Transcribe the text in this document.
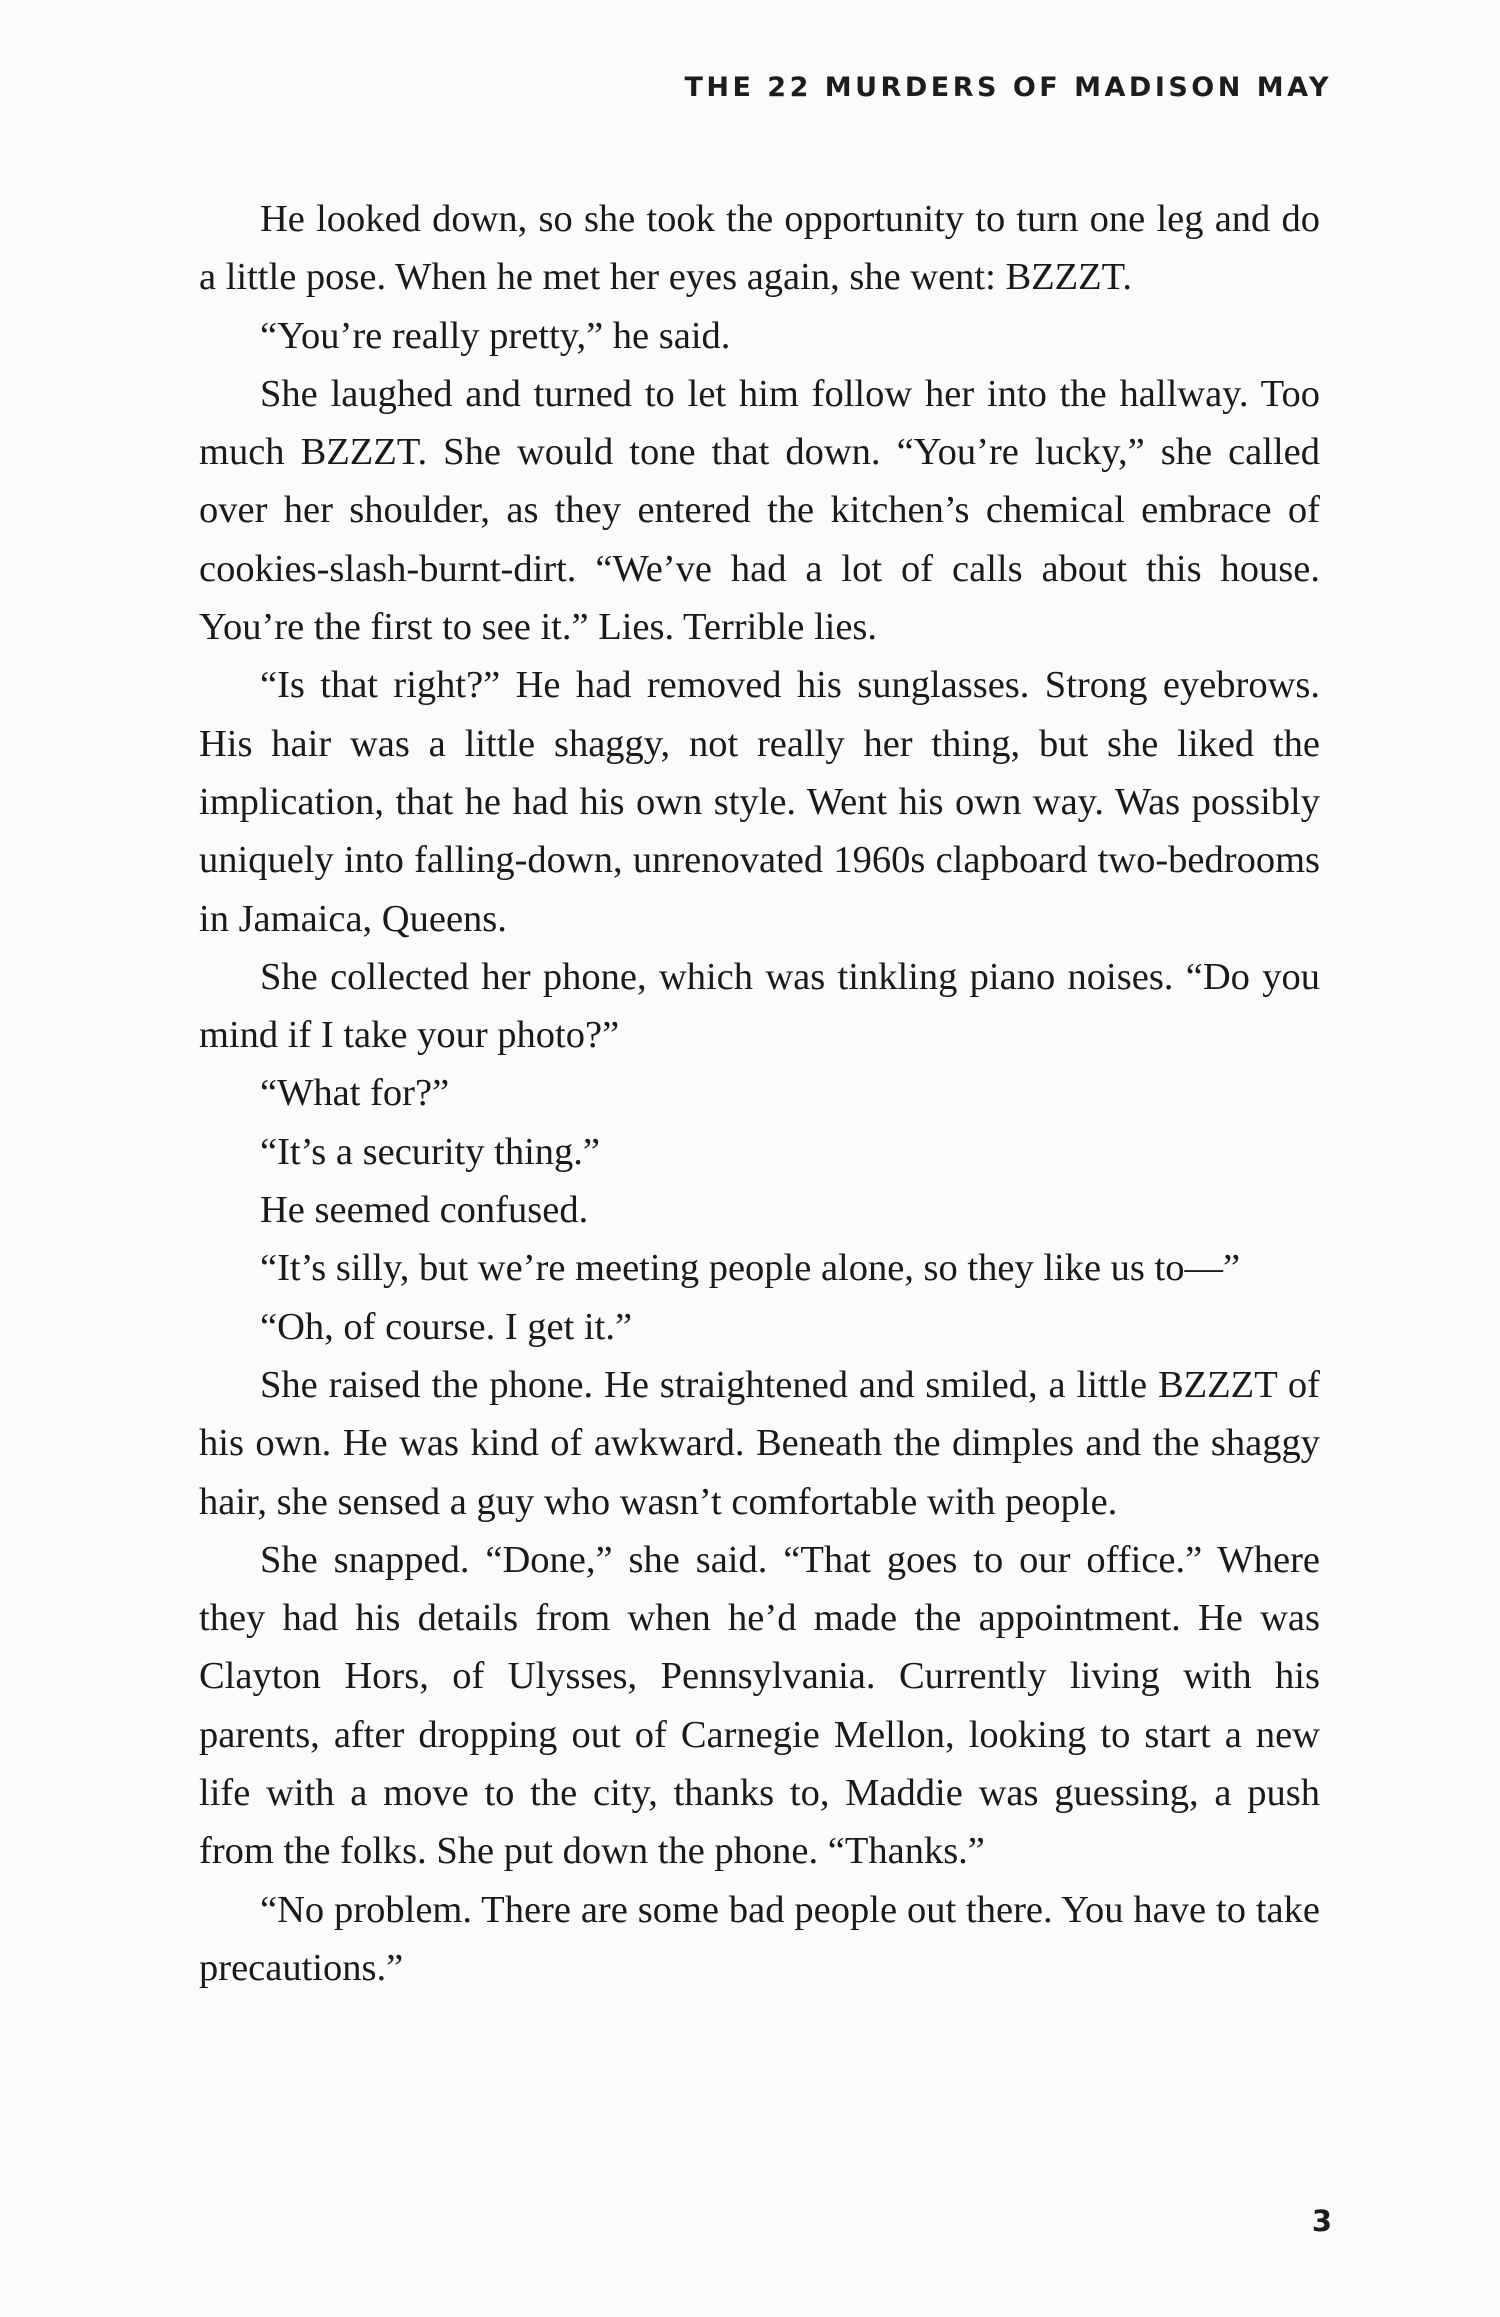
THE 22 MURDERS OF MADISON MAY

He looked down, so she took the opportunity to turn one leg and do a little pose. When he met her eyes again, she went: BZZZT.

“You’re really pretty,” he said.

She laughed and turned to let him follow her into the hallway. Too much BZZZT. She would tone that down. “You’re lucky,” she called over her shoulder, as they entered the kitchen’s chemical embrace of cookies-slash-burnt-dirt. “We’ve had a lot of calls about this house. You’re the first to see it.” Lies. Terrible lies.

“Is that right?” He had removed his sunglasses. Strong eyebrows. His hair was a little shaggy, not really her thing, but she liked the implication, that he had his own style. Went his own way. Was possibly uniquely into falling-down, unrenovated 1960s clapboard two-bedrooms in Jamaica, Queens.

She collected her phone, which was tinkling piano noises. “Do you mind if I take your photo?”

“What for?”

“It’s a security thing.”

He seemed confused.

“It’s silly, but we’re meeting people alone, so they like us to—”

“Oh, of course. I get it.”

She raised the phone. He straightened and smiled, a little BZZZT of his own. He was kind of awkward. Beneath the dimples and the shaggy hair, she sensed a guy who wasn’t comfortable with people.

She snapped. “Done,” she said. “That goes to our office.” Where they had his details from when he’d made the appointment. He was Clayton Hors, of Ulysses, Pennsylvania. Currently living with his parents, after dropping out of Carnegie Mellon, looking to start a new life with a move to the city, thanks to, Maddie was guessing, a push from the folks. She put down the phone. “Thanks.”

“No problem. There are some bad people out there. You have to take precautions.”

3
